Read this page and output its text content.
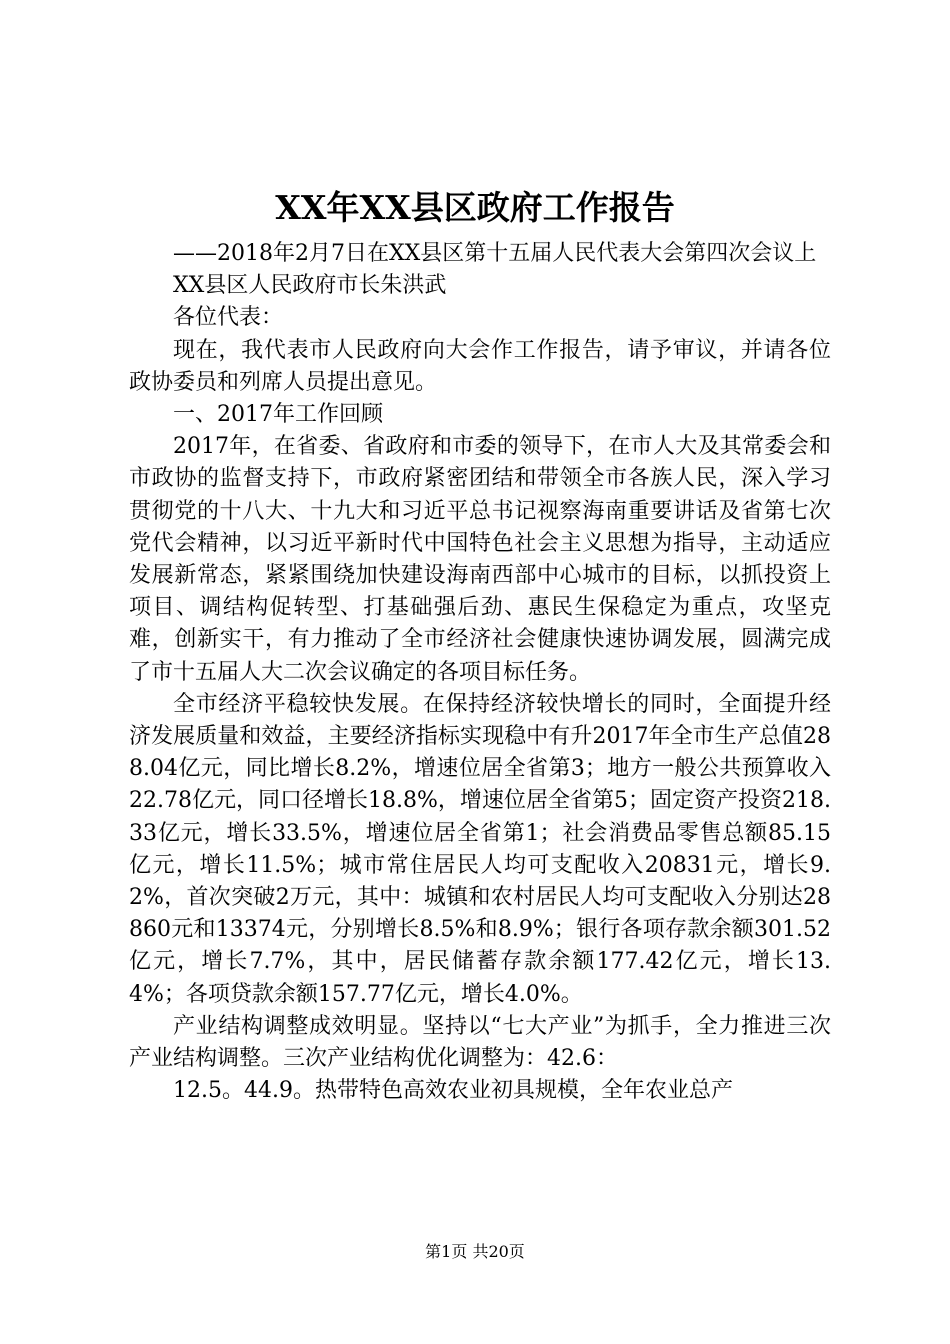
XX年XX县区政府工作报告

——2018年2月7日在XX县区第十五届人民代表大会第四次会议上

XX县区人民政府市长朱洪武

各位代表：

现在，我代表市人民政府向大会作工作报告，请予审议，并请各位政协委员和列席人员提出意见。

一、2017年工作回顾

2017年，在省委、省政府和市委的领导下，在市人大及其常委会和市政协的监督支持下，市政府紧密团结和带领全市各族人民，深入学习贯彻党的十八大、十九大和习近平总书记视察海南重要讲话及省第七次党代会精神，以习近平新时代中国特色社会主义思想为指导，主动适应发展新常态，紧紧围绕加快建设海南西部中心城市的目标，以抓投资上项目、调结构促转型、打基础强后劲、惠民生保稳定为重点，攻坚克难，创新实干，有力推动了全市经济社会健康快速协调发展，圆满完成了市十五届人大二次会议确定的各项目标任务。

全市经济平稳较快发展。在保持经济较快增长的同时，全面提升经济发展质量和效益，主要经济指标实现稳中有升2017年全市生产总值288.04亿元，同比增长8.2%，增速位居全省第3；地方一般公共预算收入22.78亿元，同口径增长18.8%，增速位居全省第5；固定资产投资218.33亿元，增长33.5%，增速位居全省第1；社会消费品零售总额85.15亿元，增长11.5%；城市常住居民人均可支配收入20831元，增长9.2%，首次突破2万元，其中：城镇和农村居民人均可支配收入分别达28860元和13374元，分别增长8.5%和8.9%；银行各项存款余额301.52亿元，增长7.7%，其中，居民储蓄存款余额177.42亿元，增长13.4%；各项贷款余额157.77亿元，增长4.0%。

产业结构调整成效明显。坚持以“七大产业”为抓手，全力推进三次产业结构调整。三次产业结构优化调整为：42.6：

12.5。44.9。热带特色高效农业初具规模，全年农业总产

第1页 共20页
